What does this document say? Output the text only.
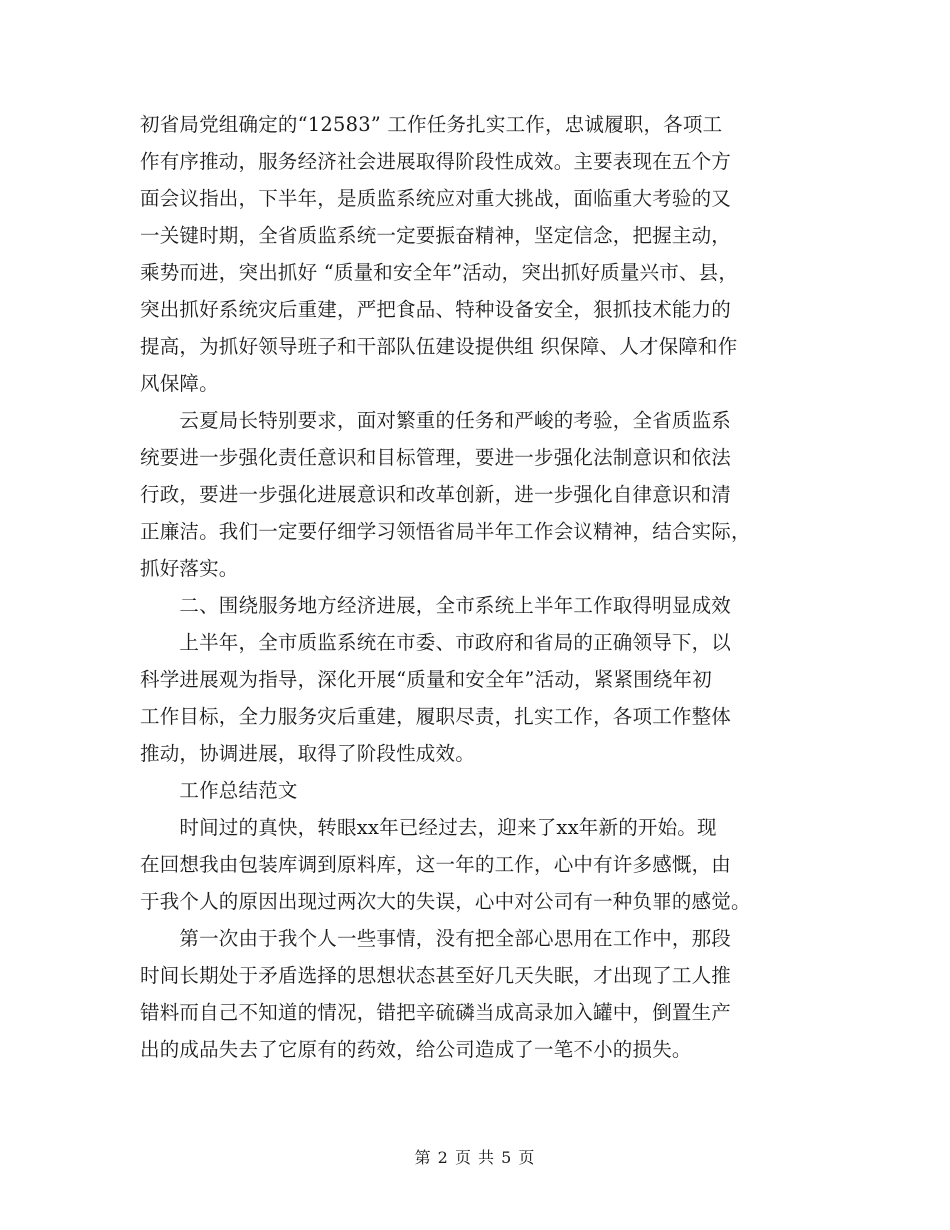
初省局党组确定的“12583” 工作任务扎实工作，忠诚履职，各项工
作有序推动，服务经济社会进展取得阶段性成效。主要表现在五个方
面会议指出，下半年，是质监系统应对重大挑战，面临重大考验的又
一关键时期，全省质监系统一定要振奋精神，坚定信念，把握主动，
乘势而进，突出抓好 “质量和安全年”活动，突出抓好质量兴市、县，
突出抓好系统灾后重建，严把食品、特种设备安全，狠抓技术能力的
提高，为抓好领导班子和干部队伍建设提供组 织保障、人才保障和作
风保障。
　　云夏局长特别要求，面对繁重的任务和严峻的考验，全省质监系
统要进一步强化责任意识和目标管理，要进一步强化法制意识和依法
行政，要进一步强化进展意识和改革创新，进一步强化自律意识和清
正廉洁。我们一定要仔细学习领悟省局半年工作会议精神，结合实际，
抓好落实。
　　二、围绕服务地方经济进展，全市系统上半年工作取得明显成效
　　上半年，全市质监系统在市委、市政府和省局的正确领导下，以
科学进展观为指导，深化开展“质量和安全年”活动，紧紧围绕年初
工作目标，全力服务灾后重建，履职尽责，扎实工作，各项工作整体
推动，协调进展，取得了阶段性成效。
　　工作总结范文
　　时间过的真快，转眼xx年已经过去，迎来了xx年新的开始。现
在回想我由包装库调到原料库，这一年的工作，心中有许多感慨，由
于我个人的原因出现过两次大的失误，心中对公司有一种负罪的感觉。
　　第一次由于我个人一些事情，没有把全部心思用在工作中，那段
时间长期处于矛盾选择的思想状态甚至好几天失眠，才出现了工人推
错料而自己不知道的情况，错把辛硫磷当成高录加入罐中，倒置生产
出的成品失去了它原有的药效，给公司造成了一笔不小的损失。
第 2 页 共 5 页
